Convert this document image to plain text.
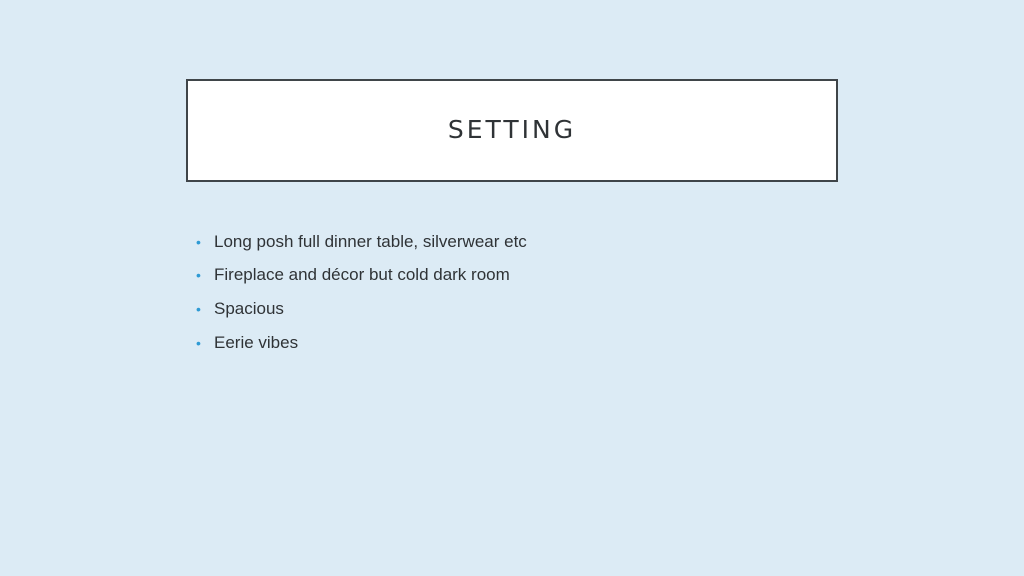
SETTING
• Long posh full dinner table, silverwear etc
• Fireplace and décor but cold dark room
• Spacious
• Eerie vibes
